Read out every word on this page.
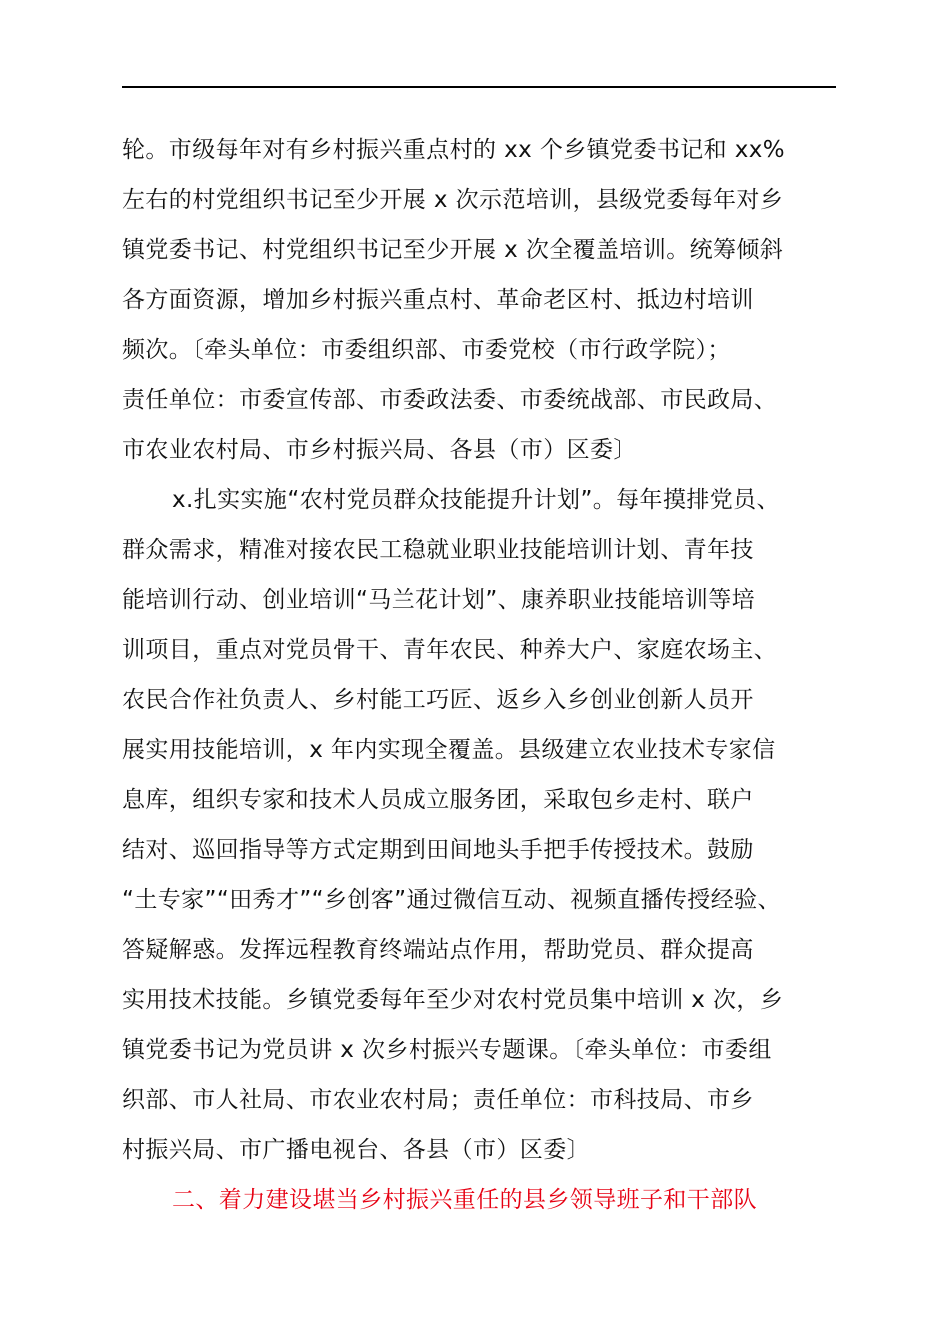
轮。市级每年对有乡村振兴重点村的 xx 个乡镇党委书记和 xx%
左右的村党组织书记至少开展 x 次示范培训，县级党委每年对乡
镇党委书记、村党组织书记至少开展 x 次全覆盖培训。统筹倾斜
各方面资源，增加乡村振兴重点村、革命老区村、抵边村培训
频次。〔牵头单位：市委组织部、市委党校（市行政学院）；
责任单位：市委宣传部、市委政法委、市委统战部、市民政局、
市农业农村局、市乡村振兴局、各县（市）区委〕
x.扎实实施“农村党员群众技能提升计划”。每年摸排党员、
群众需求，精准对接农民工稳就业职业技能培训计划、青年技
能培训行动、创业培训“马兰花计划”、康养职业技能培训等培
训项目，重点对党员骨干、青年农民、种养大户、家庭农场主、
农民合作社负责人、乡村能工巧匠、返乡入乡创业创新人员开
展实用技能培训，x 年内实现全覆盖。县级建立农业技术专家信
息库，组织专家和技术人员成立服务团，采取包乡走村、联户
结对、巡回指导等方式定期到田间地头手把手传授技术。鼓励
“土专家”“田秀才”“乡创客”通过微信互动、视频直播传授经验、
答疑解惑。发挥远程教育终端站点作用，帮助党员、群众提高
实用技术技能。乡镇党委每年至少对农村党员集中培训 x 次，乡
镇党委书记为党员讲 x 次乡村振兴专题课。〔牵头单位：市委组
织部、市人社局、市农业农村局；责任单位：市科技局、市乡
村振兴局、市广播电视台、各县（市）区委〕
二、着力建设堪当乡村振兴重任的县乡领导班子和干部队
